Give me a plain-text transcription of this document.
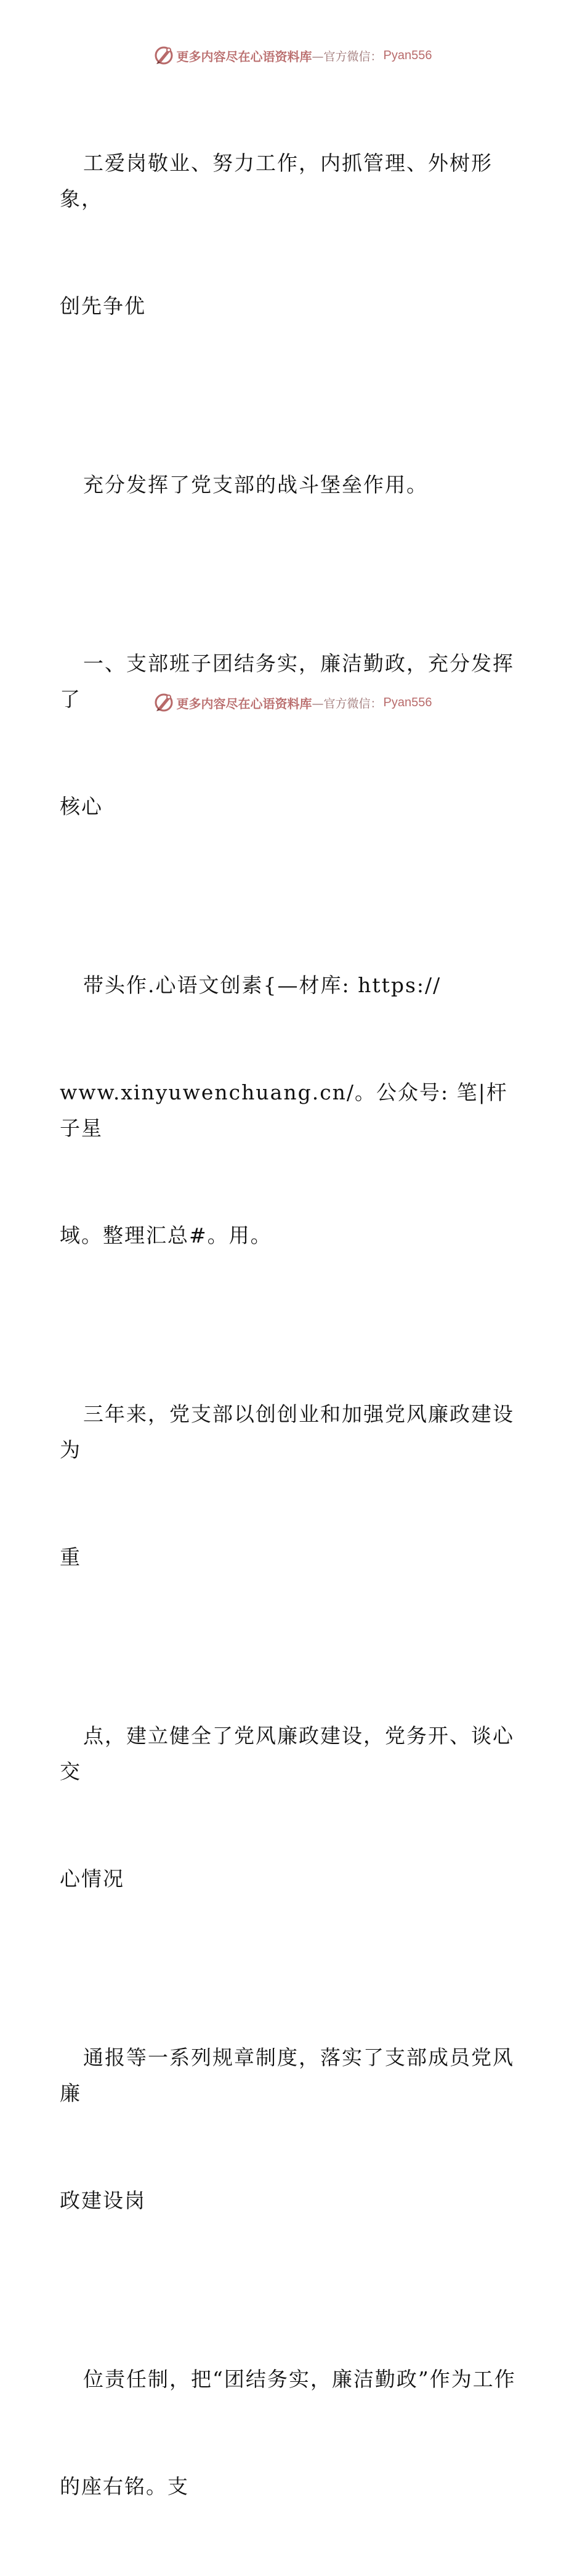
更多内容尽在心语资料库 —官方微信： Pyan556

工爱岗敬业、努力工作，内抓管理、外树形象，

创先争优

充分发挥了党支部的战斗堡垒作用。

一、支部班子团结务实，廉洁勤政，充分发挥了

核心

带头作.心语文创素{—材库: https://

www.xinyuwenchuang.cn/。公众号: 笔|杆子星

域。整理汇总#。用。

三年来，党支部以创创业和加强党风廉政建设为

重

点，建立健全了党风廉政建设，党务开、谈心交

心情况

通报等一系列规章制度，落实了支部成员党风廉

政建设岗

位责任制，把“团结务实，廉洁勤政”作为工作

的座右铭。支

更多内容尽在心语资料库 —官方微信： Pyan556
